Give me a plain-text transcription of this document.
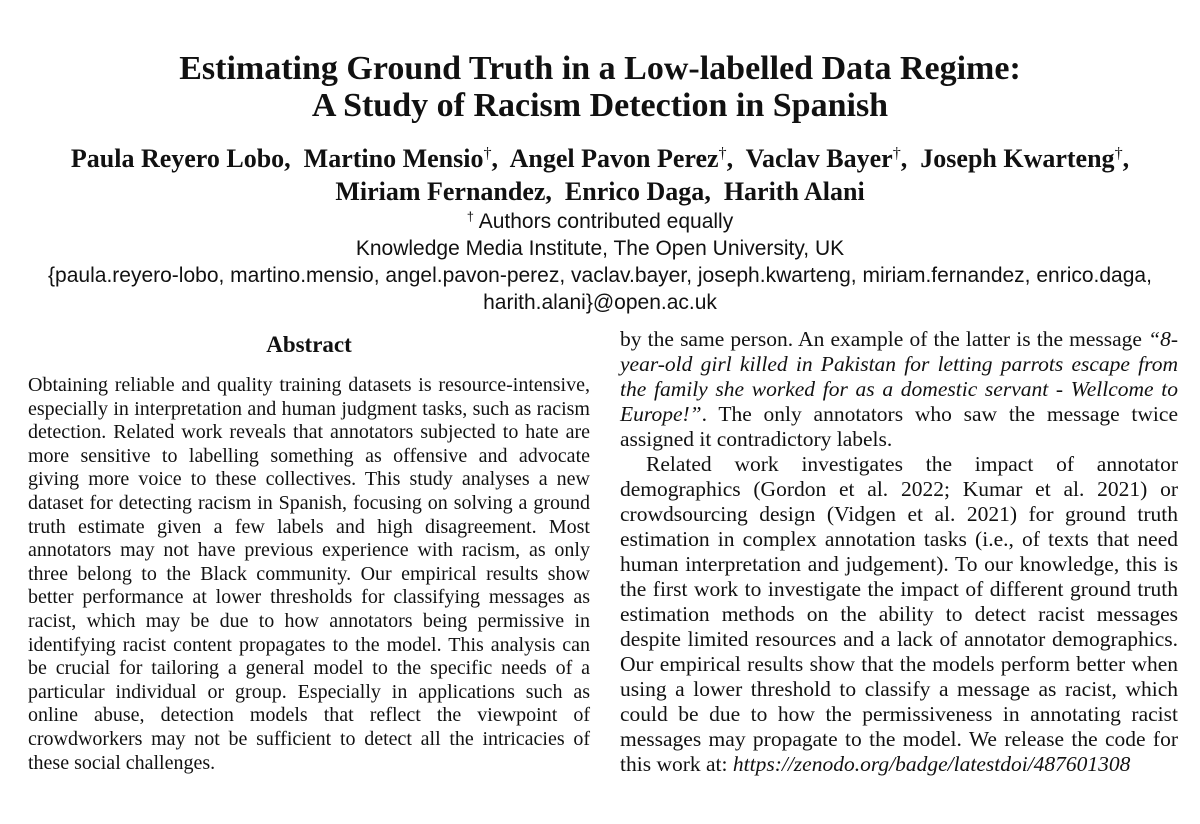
Estimating Ground Truth in a Low-labelled Data Regime:
A Study of Racism Detection in Spanish
Paula Reyero Lobo,  Martino Mensio†,  Angel Pavon Perez†,  Vaclav Bayer†,  Joseph Kwarteng†,
Miriam Fernandez,  Enrico Daga,  Harith Alani
† Authors contributed equally
Knowledge Media Institute, The Open University, UK
{paula.reyero-lobo, martino.mensio, angel.pavon-perez, vaclav.bayer, joseph.kwarteng, miriam.fernandez, enrico.daga,
harith.alani}@open.ac.uk
Abstract

Obtaining reliable and quality training datasets is resource-intensive, especially in interpretation and human judgment tasks, such as racism detection. Related work reveals that annotators subjected to hate are more sensitive to labelling something as offensive and advocate giving more voice to these collectives. This study analyses a new dataset for detecting racism in Spanish, focusing on solving a ground truth estimate given a few labels and high disagreement. Most annotators may not have previous experience with racism, as only three belong to the Black community. Our empirical results show better performance at lower thresholds for classifying messages as racist, which may be due to how annotators being permissive in identifying racist content propagates to the model. This analysis can be crucial for tailoring a general model to the specific needs of a particular individual or group. Especially in applications such as online abuse, detection models that reflect the viewpoint of crowdworkers may not be sufficient to detect all the intricacies of these social challenges.

by the same person. An example of the latter is the message “8-year-old girl killed in Pakistan for letting parrots escape from the family she worked for as a domestic servant - Wellcome to Europe!”. The only annotators who saw the message twice assigned it contradictory labels.

Related work investigates the impact of annotator demographics (Gordon et al. 2022; Kumar et al. 2021) or crowdsourcing design (Vidgen et al. 2021) for ground truth estimation in complex annotation tasks (i.e., of texts that need human interpretation and judgement). To our knowledge, this is the first work to investigate the impact of different ground truth estimation methods on the ability to detect racist messages despite limited resources and a lack of annotator demographics. Our empirical results show that the models perform better when using a lower threshold to classify a message as racist, which could be due to how the permissiveness in annotating racist messages may propagate to the model. We release the code for this work at: https://zenodo.org/badge/latestdoi/487601308
